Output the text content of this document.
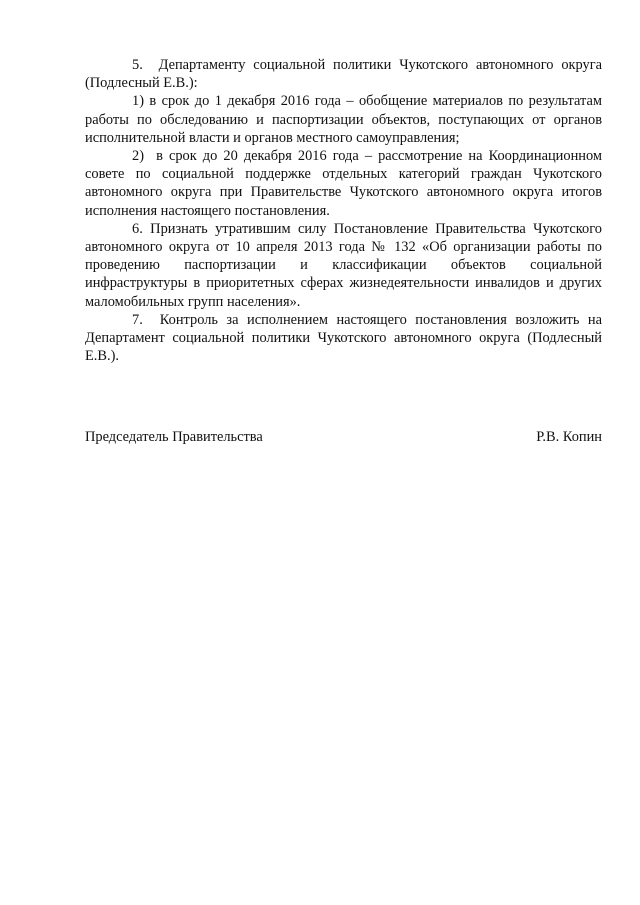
5. Департаменту социальной политики Чукотского автономного округа (Подлесный Е.В.):

1) в срок до 1 декабря 2016 года – обобщение материалов по результатам работы по обследованию и паспортизации объектов, поступающих от органов исполнительной власти и органов местного самоуправления;

2) в срок до 20 декабря 2016 года – рассмотрение на Координационном совете по социальной поддержке отдельных категорий граждан Чукотского автономного округа при Правительстве Чукотского автономного округа итогов исполнения настоящего постановления.

6. Признать утратившим силу Постановление Правительства Чукотского автономного округа от 10 апреля 2013 года № 132 «Об организации работы по проведению паспортизации и классификации объектов социальной инфраструктуры в приоритетных сферах жизнедеятельности инвалидов и других маломобильных групп населения».

7. Контроль за исполнением настоящего постановления возложить на Департамент социальной политики Чукотского автономного округа (Подлесный Е.В.).

Председатель Правительства	Р.В. Копин
